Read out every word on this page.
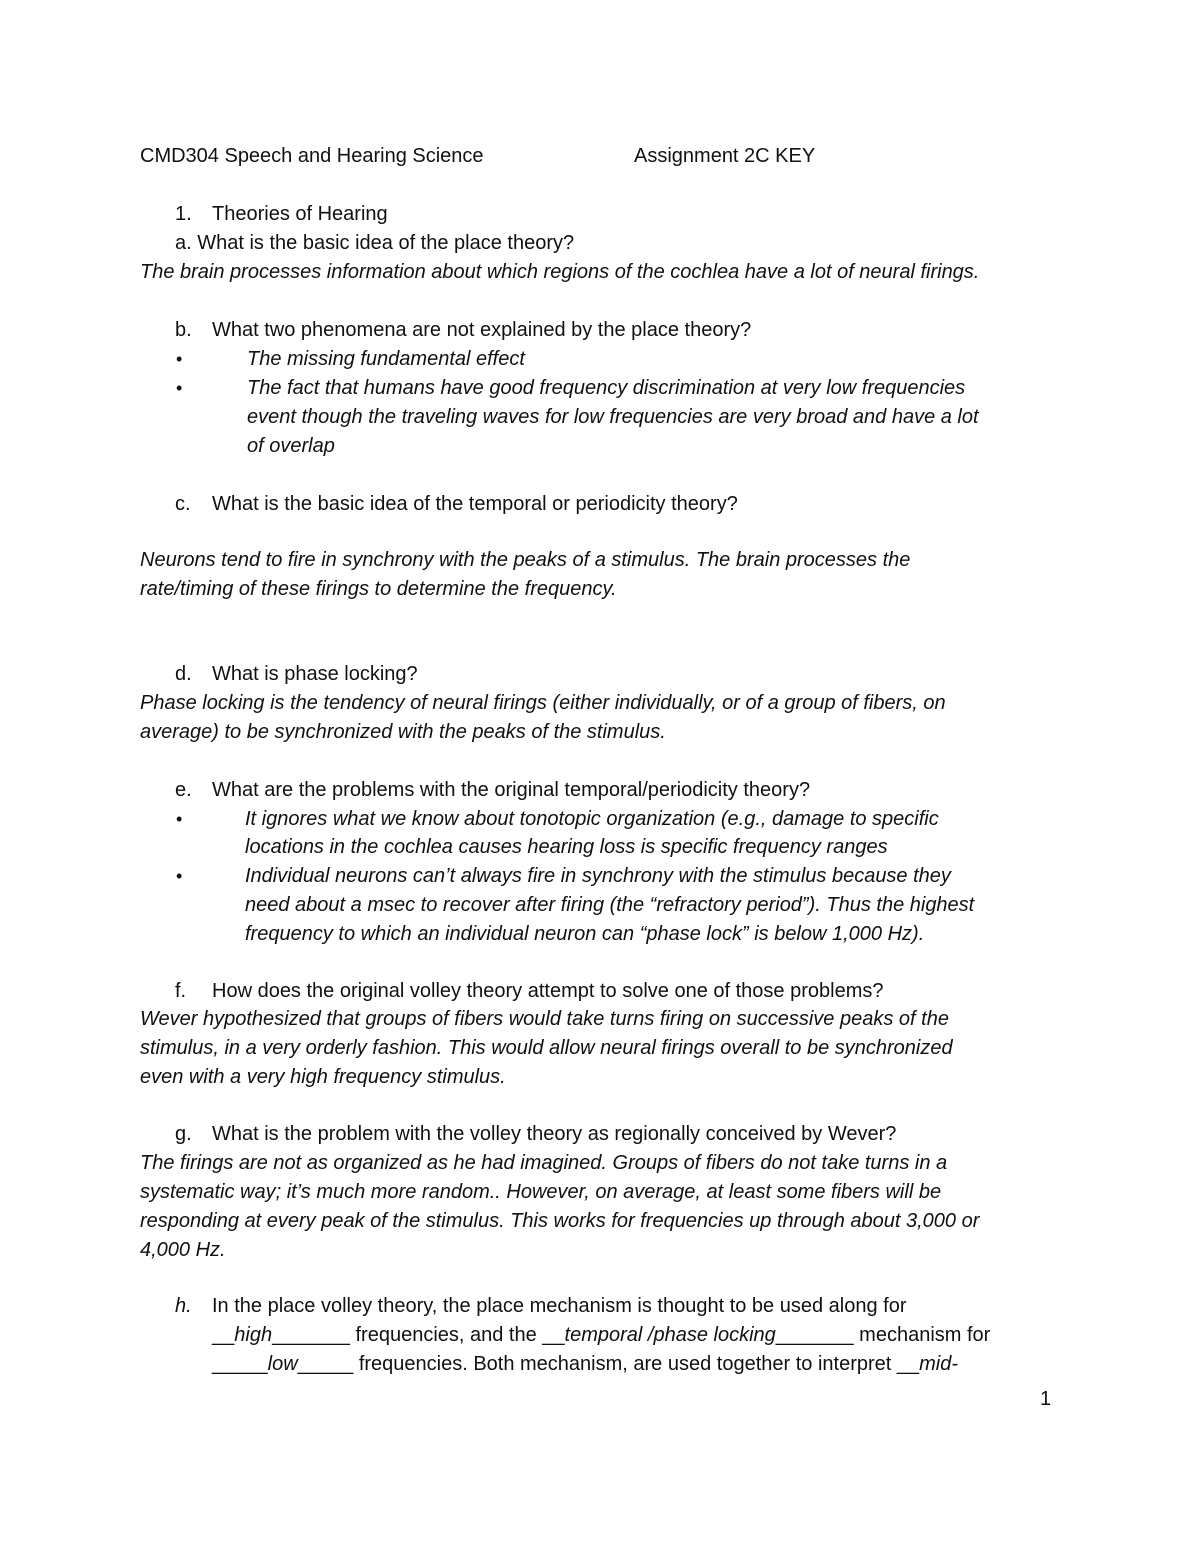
CMD304 Speech and Hearing Science	Assignment 2C KEY
1. Theories of Hearing
a. What is the basic idea of the place theory?
The brain processes information about which regions of the cochlea have a lot of neural firings.
b. What two phenomena are not explained by the place theory?
•	The missing fundamental effect
•	The fact that humans have good frequency discrimination at very low frequencies
event though the traveling waves for low frequencies are very broad and have a lot
of overlap
c. What is the basic idea of the temporal or periodicity theory?
Neurons tend to fire in synchrony with the peaks of a stimulus. The brain processes the
rate/timing of these firings to determine the frequency.
d. What is phase locking?
Phase locking is the tendency of neural firings (either individually, or of a group of fibers, on
average) to be synchronized with the peaks of the stimulus.
e. What are the problems with the original temporal/periodicity theory?
•	It ignores what we know about tonotopic organization (e.g., damage to specific
locations in the cochlea causes hearing loss is specific frequency ranges
•	Individual neurons can’t always fire in synchrony with the stimulus because they
need about a msec to recover after firing (the “refractory period”). Thus the highest
frequency to which an individual neuron can “phase lock” is below 1,000 Hz).
f. How does the original volley theory attempt to solve one of those problems?
Wever hypothesized that groups of fibers would take turns firing on successive peaks of the
stimulus, in a very orderly fashion. This would allow neural firings overall to be synchronized
even with a very high frequency stimulus.
g. What is the problem with the volley theory as regionally conceived by Wever?
The firings are not as organized as he had imagined. Groups of fibers do not take turns in a
systematic way; it’s much more random.. However, on average, at least some fibers will be
responding at every peak of the stimulus. This works for frequencies up through about 3,000 or
4,000 Hz.
h. In the place volley theory, the place mechanism is thought to be used along for
__high_______ frequencies, and the __temporal /phase locking_______ mechanism for
_____low_____ frequencies. Both mechanism, are used together to interpret __mid-
1
